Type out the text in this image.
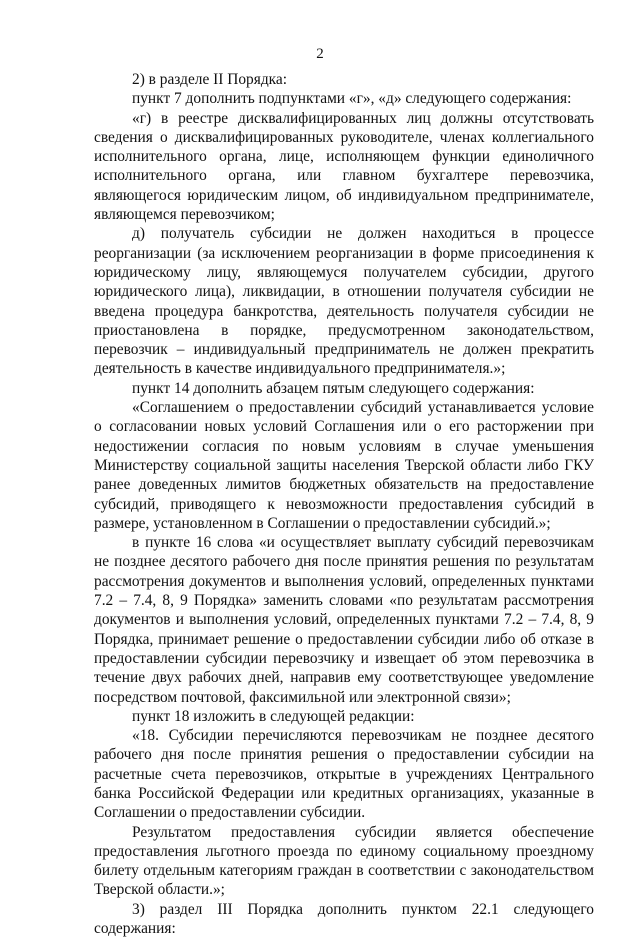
2

2) в разделе II Порядка:

пункт 7 дополнить подпунктами «г», «д» следующего содержания:

«г) в реестре дисквалифицированных лиц должны отсутствовать сведения о дисквалифицированных руководителе, членах коллегиального исполнительного органа, лице, исполняющем функции единоличного исполнительного органа, или главном бухгалтере перевозчика, являющегося юридическим лицом, об индивидуальном предпринимателе, являющемся перевозчиком;

д) получатель субсидии не должен находиться в процессе реорганизации (за исключением реорганизации в форме присоединения к юридическому лицу, являющемуся получателем субсидии, другого юридического лица), ликвидации, в отношении получателя субсидии не введена процедура банкротства, деятельность получателя субсидии не приостановлена в порядке, предусмотренном законодательством, перевозчик – индивидуальный предприниматель не должен прекратить деятельность в качестве индивидуального предпринимателя.»;

пункт 14 дополнить абзацем пятым следующего содержания:

«Соглашением о предоставлении субсидий устанавливается условие о согласовании новых условий Соглашения или о его расторжении при недостижении согласия по новым условиям в случае уменьшения Министерству социальной защиты населения Тверской области либо ГКУ ранее доведенных лимитов бюджетных обязательств на предоставление субсидий, приводящего к невозможности предоставления субсидий в размере, установленном в Соглашении о предоставлении субсидий.»;

в пункте 16 слова «и осуществляет выплату субсидий перевозчикам не позднее десятого рабочего дня после принятия решения по результатам рассмотрения документов и выполнения условий, определенных пунктами 7.2 – 7.4, 8, 9 Порядка» заменить словами «по результатам рассмотрения документов и выполнения условий, определенных пунктами 7.2 – 7.4, 8, 9 Порядка, принимает решение о предоставлении субсидии либо об отказе в предоставлении субсидии перевозчику и извещает об этом перевозчика в течение двух рабочих дней, направив ему соответствующее уведомление посредством почтовой, факсимильной или электронной связи»;

пункт 18 изложить в следующей редакции:

«18. Субсидии перечисляются перевозчикам не позднее десятого рабочего дня после принятия решения о предоставлении субсидии на расчетные счета перевозчиков, открытые в учреждениях Центрального банка Российской Федерации или кредитных организациях, указанные в Соглашении о предоставлении субсидии.

Результатом предоставления субсидии является обеспечение предоставления льготного проезда по единому социальному проездному билету отдельным категориям граждан в соответствии с законодательством Тверской области.»;

3) раздел III Порядка дополнить пунктом 22.1 следующего содержания:
